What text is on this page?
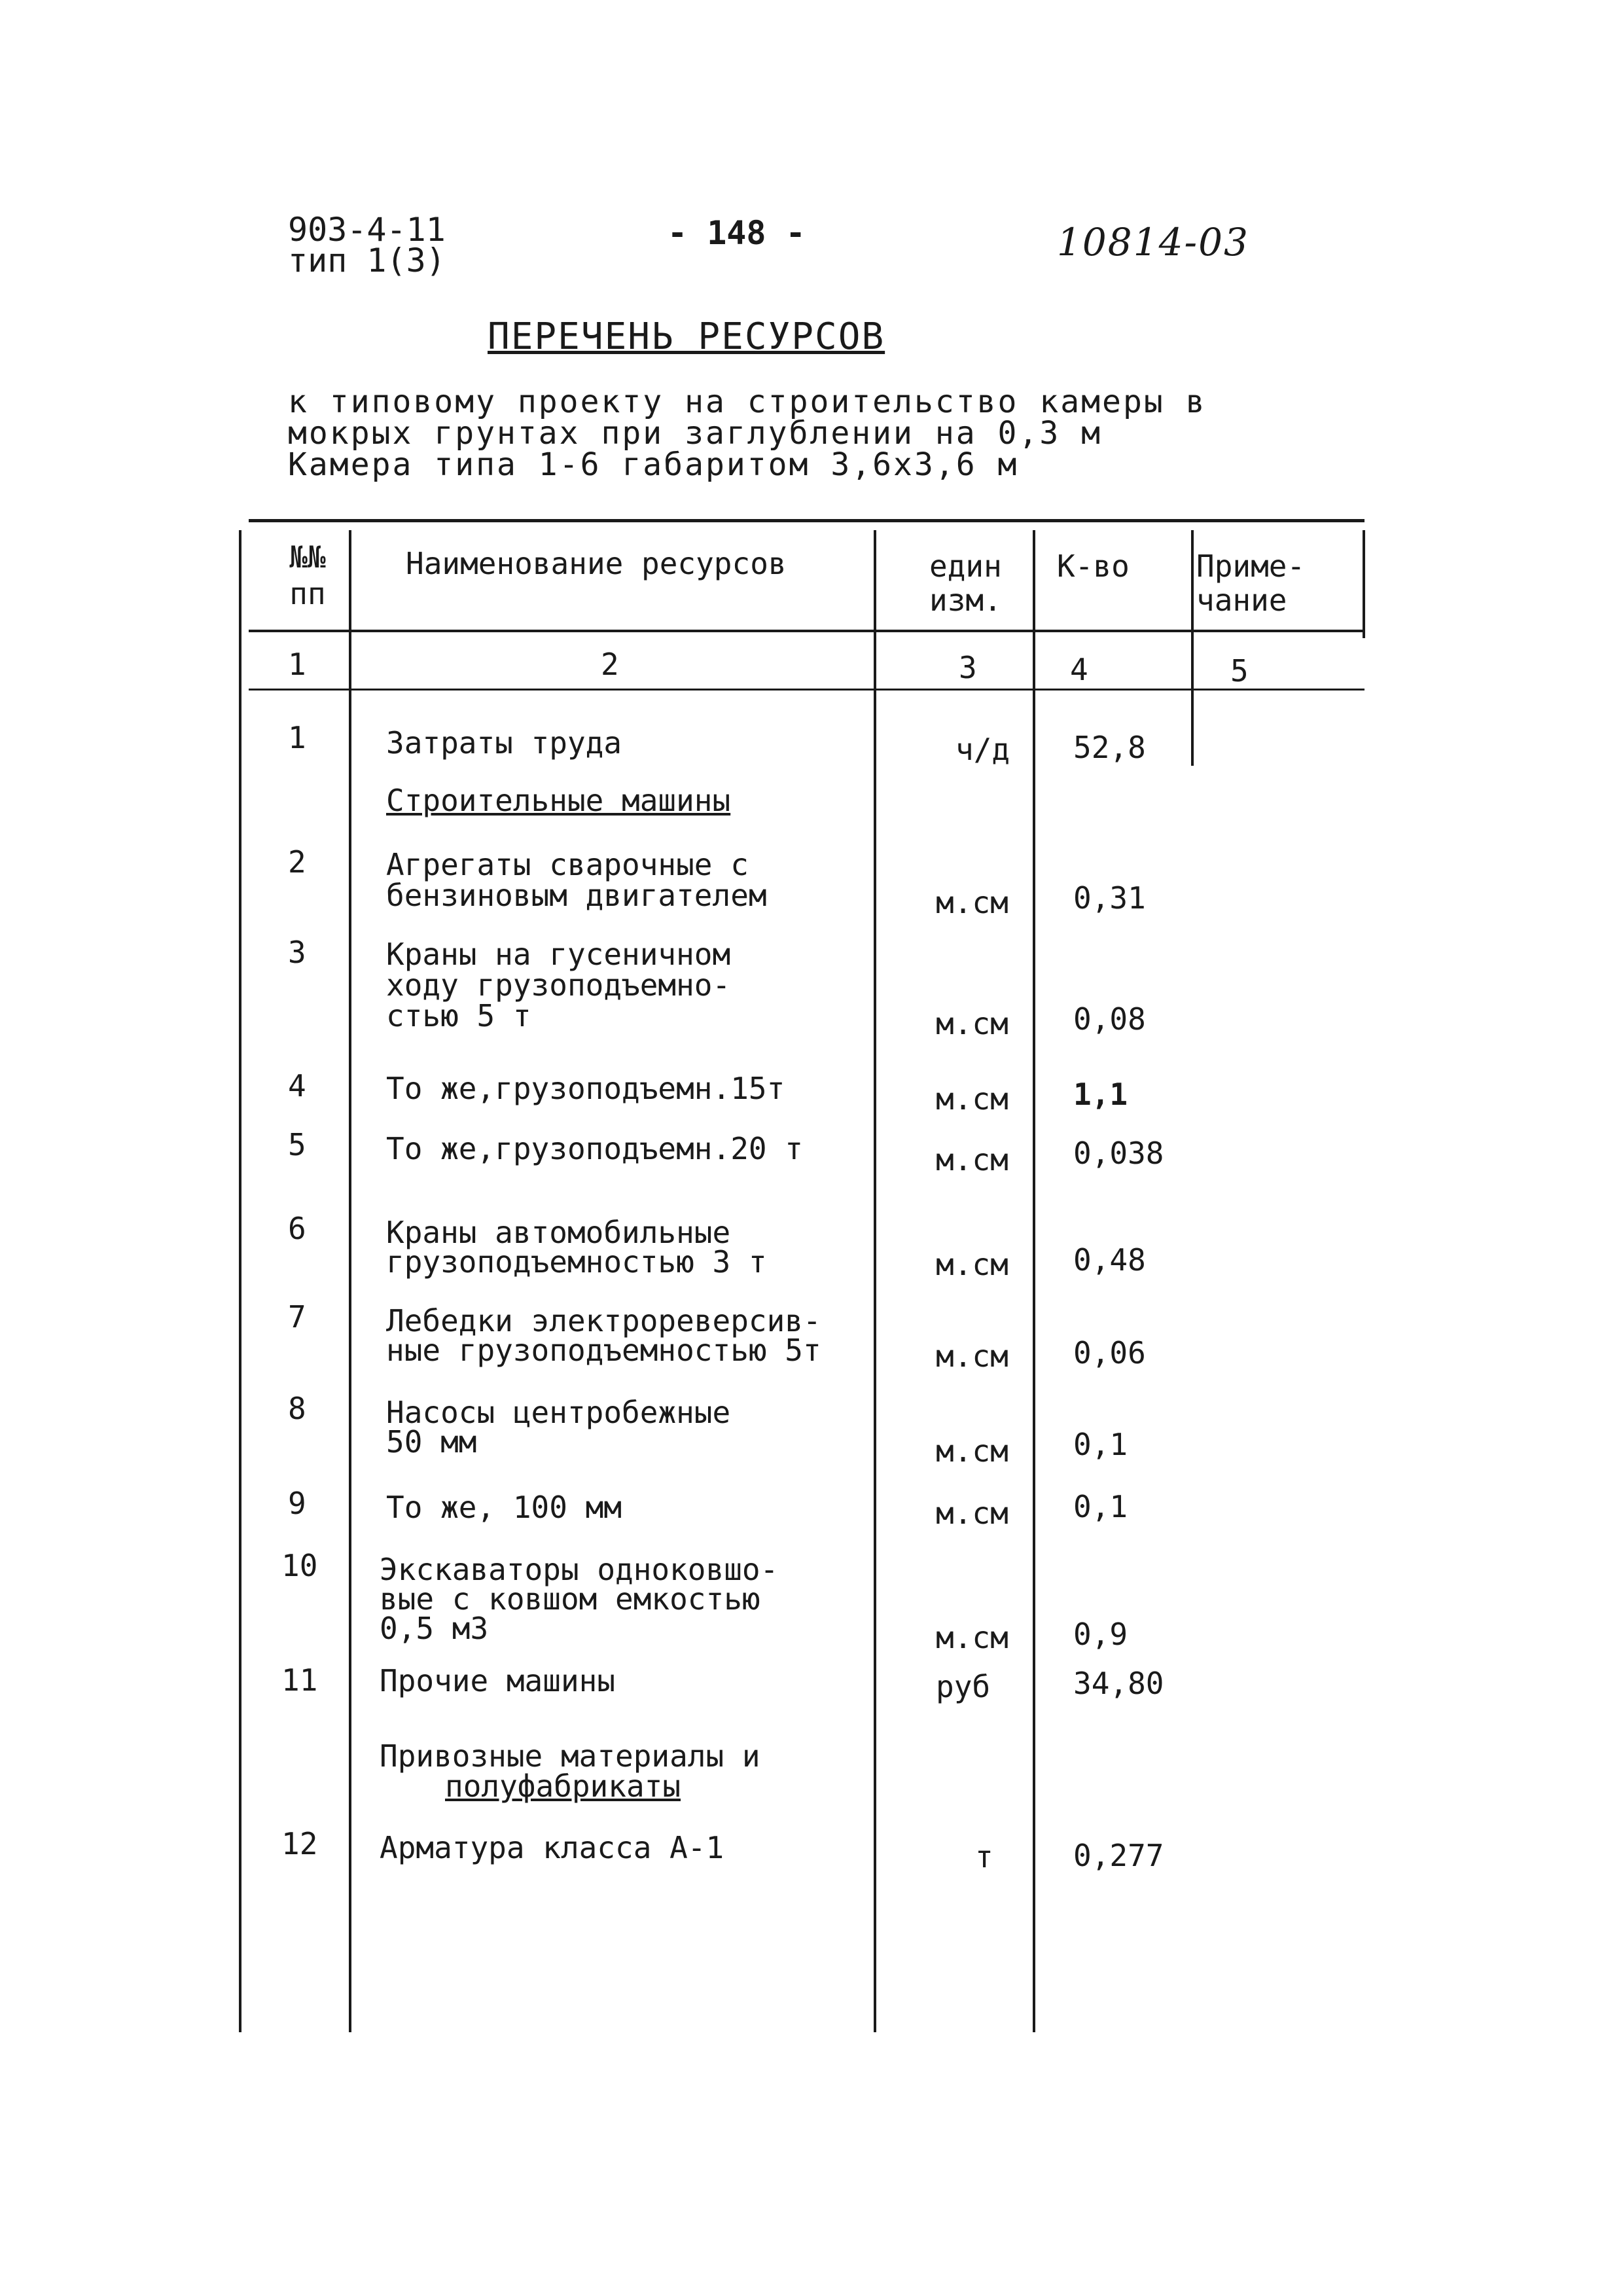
903-4-11
тип 1(3)
- 148 -	10814-03
ПЕРЕЧЕНЬ РЕСУРСОВ
к типовому проекту на строительство камеры в
мокрых грунтах при заглублении на 0,3 м
Камера типа 1-6 габаритом 3,6х3,6 м
№№
пп
Наименование ресурсов	един
изм.
К-во Приме-
чание
1	2	3	4	5
1	Затраты труда	ч/д 52,8
Строительные машины
2	Агрегаты сварочные с
бензиновым двигателем	м.см 0,31
3	Краны на гусеничном
ходу грузоподъемно-
стью 5 т	м.см 0,08
4	То же,грузоподъемн.15т	м.см 1,1
5	То же,грузоподъемн.20 т	м.см 0,038
6	Краны автомобильные
грузоподъемностью 3 т	м.см 0,48
7	Лебедки электрореверсив-
ные грузоподъемностью 5т	м.см 0,06
8	Насосы центробежные
50 мм	м.см 0,1
9	То же, 100 мм	м.см 0,1
10 Экскаваторы одноковшо-
вые с ковшом емкостью
0,5 м3	м.см 0,9
11 Прочие машины	руб	34,80
Привозные материалы и
полуфабрикаты
12 Арматура класса А-1	т	0,277
